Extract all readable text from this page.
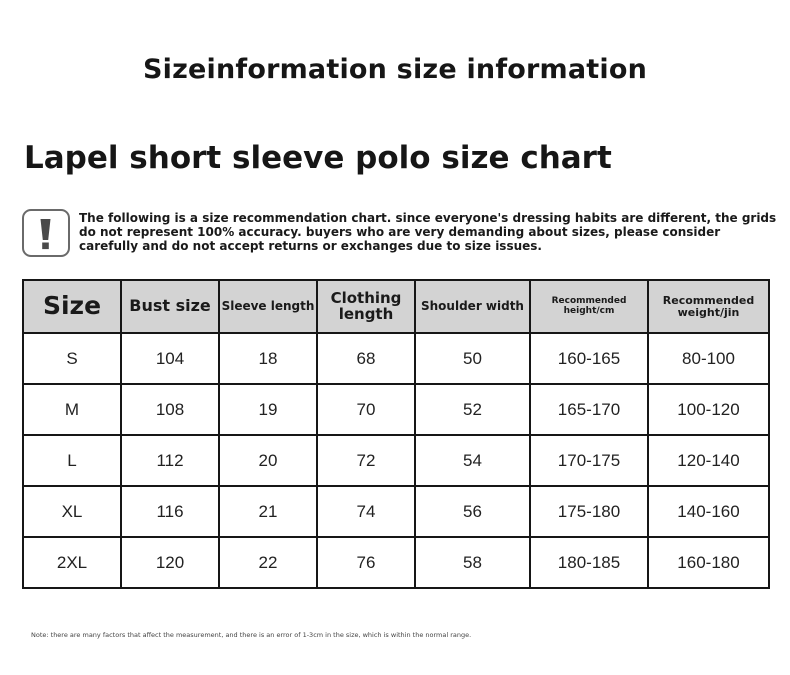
Sizeinformation size information
Lapel short sleeve polo size chart
The following is a size recommendation chart. since everyone's dressing habits are different, the grids do not represent 100% accuracy. buyers who are very demanding about sizes, please consider carefully and do not accept returns or exchanges due to size issues.
Size	Bust size	Sleeve length	Clothing length	Shoulder width	Recommended height/cm	Recommended weight/jin
S	104	18	68	50	160-165	80-100
M	108	19	70	52	165-170	100-120
L	112	20	72	54	170-175	120-140
XL	116	21	74	56	175-180	140-160
2XL	120	22	76	58	180-185	160-180
Note: there are many factors that affect the measurement, and there is an error of 1-3cm in the size, which is within the normal range.
